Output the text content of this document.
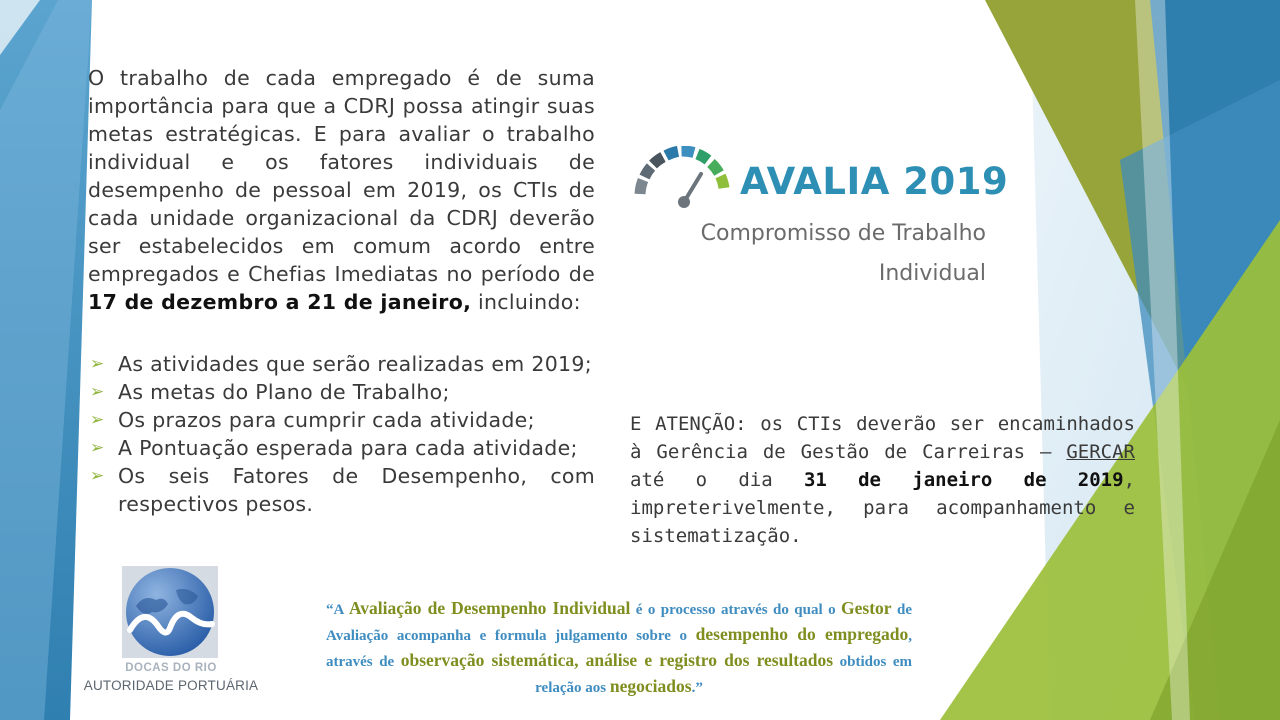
O trabalho de cada empregado é de suma importância para que a CDRJ possa atingir suas metas estratégicas. E para avaliar o trabalho individual e os fatores individuais de desempenho de pessoal em 2019, os CTIs de cada unidade organizacional da CDRJ deverão ser estabelecidos em comum acordo entre empregados e Chefias Imediatas no período de 17 de dezembro a 21 de janeiro, incluindo:

➢ As atividades que serão realizadas em 2019;
➢ As metas do Plano de Trabalho;
➢ Os prazos para cumprir cada atividade;
➢ A Pontuação esperada para cada atividade;
➢ Os seis Fatores de Desempenho, com respectivos pesos.
AVALIA 2019
Compromisso de Trabalho
Individual

E ATENÇÃO: os CTIs deverão ser encaminhados à Gerência de Gestão de Carreiras – GERCAR até o dia 31 de janeiro de 2019, impreterivelmente, para acompanhamento e sistematização.

DOCAS DO RIO
AUTORIDADE PORTUÁRIA

“A Avaliação de Desempenho Individual é o processo através do qual o Gestor de Avaliação acompanha e formula julgamento sobre o desempenho do empregado, através de observação sistemática, análise e registro dos resultados obtidos em relação aos negociados.”
